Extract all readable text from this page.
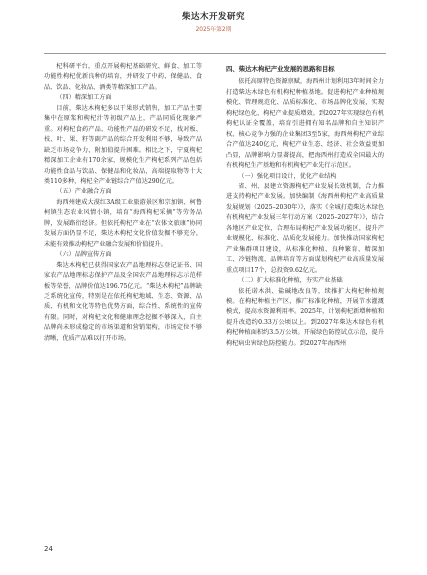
柴达木开发研究
2025年第2期

杞科研平台，重点开展枸杞基础研究、鲜食、加工等功能性枸杞优新良种的培育，并研发了中药、保健品、食品、饮品、化妆品、酒类等精深加工产品。

（四）精深加工方面

目前，柴达木枸杞多以干果形式销售，加工产品主要集中在原浆和枸杞汁等初级产品上，产品同质化现象严重。对枸杞食药产品、功能性产品的研发不足，找对板、枝、叶、果、籽等副产品的综合开发利用不够，导致产品缺乏市场竞争力，附加值提升困难。相比之下，宁夏枸杞精深加工企业有170余家，规模化生产枸杞系列产品包括功能性食品与饮品、保健品和化妆品，高端提取物等十大类110多种，枸杞全产业链综合产值达290亿元。

（五）产业融合方面

海西州建成大漠红3A级工业旅游景区和宗加镇、柯鲁柯镇生态农业风情小镇，培育“海西枸杞采摘”等劳务品牌，发展路衍经济。但依托枸杞产业在“农体文旅康”协同发展方面仍显不足，柴达木枸杞文化价值发掘不够充分，未能有效推动枸杞产业融合发展和价值提升。

（六）品牌宣传方面

柴达木枸杞已获得国家农产品地理标志登记证书、国家农产品地理标志保护产品及全国农产品地理标志示范样板等荣誉，品牌价值达196.75亿元。“柴达木枸杞”品牌缺乏系统化宣传，特别是在依托枸杞地域、生态、资源、品质、有机和文化等特色优势方面，综合性、系统性的宣传有限。同时，对枸杞文化和健康理念挖掘不够深入，自主品牌尚未形成稳定的市场渠道和营销架构，市场定位不够清晰，优质产品难以打开市场。

四、柴达木枸杞产业发展的思路和目标

依托高原特色资源禀赋，海西州计划利用3年时间全力打造柴达木绿色有机枸杞种植基地。促进枸杞产业种植规模化、管理规范化、品质标准化、市场品牌化发展，实现枸杞绿色化、枸杞产业提质增效。到2027年实现绿色有机枸杞认证全覆盖，培育引进拥有知名品牌和自主知识产权，核心竞争力强的企业集团3至5家，海西州枸杞产业综合产值达240亿元，枸杞产业生态、经济、社会效益更加凸显，品牌影响力显著提高，把海西州打造成全国最大的有机枸杞生产基地和有机枸杞产业先行示范区。

（一）强化项目设计，优化产业结构

省、州、县建立资源枸杞产业发展长效机制，合力推进支持枸杞产业发展。加快编制《海西州枸杞产业高质量发展规划（2025–2030年）》，落实《全城打造柴达木绿色有机枸杞产业发展三年行动方案（2025–2027年）》，结合各地区产业定位，合理布局枸杞产业发展功能区，提升产业规模化、标准化、品质化发展能力。加快推动国家枸杞产业集群项目建设，从标准化种植、良种繁育、精深加工、冷链物流、品牌培育等方面谋划枸杞产业高质量发展重点项目17个，总投资9.62亿元。

（二）扩大标准化种植，夯实产业基础

依托诺木洪、盐碱地改良等，续推扩大枸杞种植规模。在枸杞种植主产区，推广标准化种植，开展节水灌溉模式，提高水资源利用率。2025年，计划枸杞新增种植和提升改造约0.33万公顷以上。到2027年柴达木绿色有机枸杞种植面积约3.5万公顷。开展绿色防控试点示范，提升枸杞病虫害绿色防控能力。到2027年海西州

24
